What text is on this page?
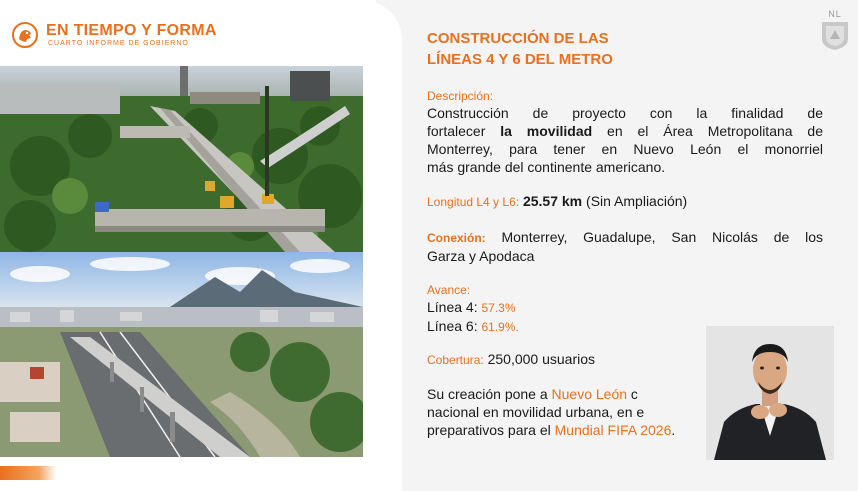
EN TIEMPO Y FORMA
CUARTO INFORME DE GOBIERNO
NL
CONSTRUCCIÓN DE LAS
LÍNEAS 4 Y 6 DEL METRO
Descripción:
Construcción de proyecto con la finalidad de
fortalecer la movilidad en el Área Metropolitana de
Monterrey, para tener en Nuevo León el monorriel
más grande del continente americano.
Longitud L4 y L6: 25.57 km (Sin Ampliación)
Conexión: Monterrey, Guadalupe, San Nicolás de los
Garza y Apodaca
Avance:
Línea 4: 57.3%
Línea 6: 61.9%.
Cobertura: 250,000 usuarios
Su creación pone a Nuevo León c
nacional en movilidad urbana, en e
preparativos para el Mundial FIFA 2026.
